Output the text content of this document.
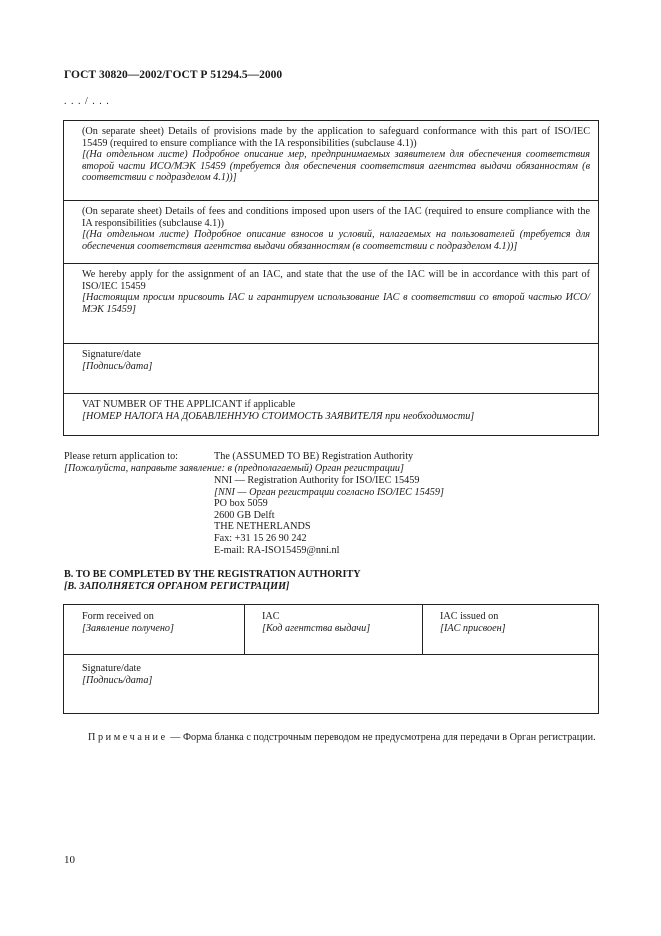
ГОСТ 30820—2002/ГОСТ Р 51294.5—2000
. . . / . . .
(On separate sheet) Details of provisions made by the application to safeguard conformance with this part of ISO/IEC 15459 (required to ensure compliance with the IA responsibilities (subclause 4.1))
[(На отдельном листе) Подробное описание мер, предпринимаемых заявителем для обеспечения соответствия второй части ИСО/МЭК 15459 (требуется для обеспечения соответствия агентства выдачи обязанностям (в соответствии с подразделом 4.1))]
(On separate sheet) Details of fees and conditions imposed upon users of the IAC (required to ensure compliance with the IA responsibilities (subclause 4.1))
[(На отдельном листе) Подробное описание взносов и условий, налагаемых на пользователей (требуется для обеспечения соответствия агентства выдачи обязанностям (в соответствии с подразделом 4.1))]
We hereby apply for the assignment of an IAC, and state that the use of the IAC will be in accordance with this part of ISO/IEC 15459
[Настоящим просим присвоить IAC и гарантируем использование IAC в соответствии со второй частью ИСО/МЭК 15459]
Signature/date
[Подпись/дата]
VAT NUMBER OF THE APPLICANT if applicable
[НОМЕР НАЛОГА НА ДОБАВЛЕННУЮ СТОИМОСТЬ ЗАЯВИТЕЛЯ при необходимости]
Please return application to:	The (ASSUMED TO BE) Registration Authority
[Пожалуйста, направьте заявление: в (предполагаемый) Орган регистрации]
NNI — Registration Authority for ISO/IEC 15459
[NNI — Орган регистрации согласно ISO/IEC 15459]
PO box 5059
2600 GB Delft
THE NETHERLANDS
Fax: +31 15 26 90 242
E-mail: RA-ISO15459@nni.nl
B. TO BE COMPLETED BY THE REGISTRATION AUTHORITY
[В. ЗАПОЛНЯЕТСЯ ОРГАНОМ РЕГИСТРАЦИИ]
Form received on
[Заявление получено]
IAC
[Код агентства выдачи]
IAC issued on
[IAC присвоен]
Signature/date
[Подпись/дата]
Примечание — Форма бланка с подстрочным переводом не предусмотрена для передачи в Орган регистрации.
10
